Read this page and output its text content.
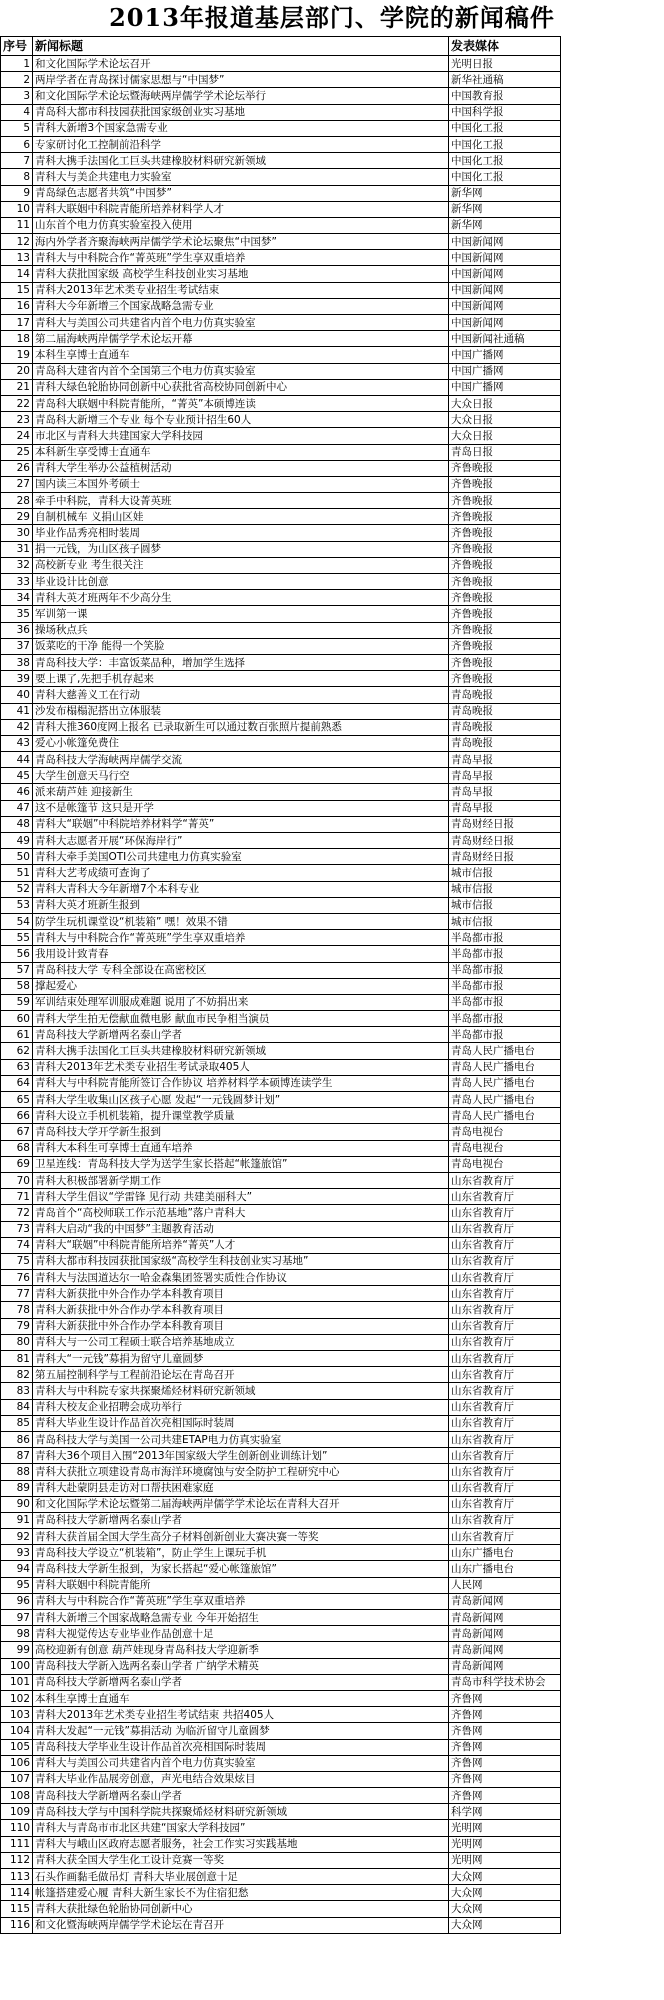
2013年报道基层部门、学院的新闻稿件
序号	新闻标题	发表媒体
1	和文化国际学术论坛召开	光明日报
2	两岸学者在青岛探讨儒家思想与“中国梦”	新华社通稿
3	和文化国际学术论坛暨海峡两岸儒学学术论坛举行	中国教育报
4	青岛科大都市科技园获批国家级创业实习基地	中国科学报
5	青科大新增3个国家急需专业	中国化工报
6	专家研讨化工控制前沿科学	中国化工报
7	青科大携手法国化工巨头共建橡胶材料研究新领域	中国化工报
8	青科大与美企共建电力实验室	中国化工报
9	青岛绿色志愿者共筑“中国梦”	新华网
10	青科大联姻中科院青能所培养材料学人才	新华网
11	山东首个电力仿真实验室投入使用	新华网
12	海内外学者齐聚海峡两岸儒学学术论坛聚焦“中国梦”	中国新闻网
13	青科大与中科院合作“菁英班”学生享双重培养	中国新闻网
14	青科大获批国家级 高校学生科技创业实习基地	中国新闻网
15	青科大2013年艺术类专业招生考试结束	中国新闻网
16	青科大今年新增三个国家战略急需专业	中国新闻网
17	青科大与美国公司共建省内首个电力仿真实验室	中国新闻网
18	第二届海峡两岸儒学学术论坛开幕	中国新闻社通稿
19	本科生享博士直通车	中国广播网
20	青岛科大建省内首个全国第三个电力仿真实验室	中国广播网
21	青科大绿色轮胎协同创新中心获批省高校协同创新中心	中国广播网
22	青岛科大联姻中科院青能所，“菁英”本硕博连读	大众日报
23	青岛科大新增三个专业 每个专业预计招生60人	大众日报
24	市北区与青科大共建国家大学科技园	大众日报
25	本科新生享受博士直通车	青岛日报
26	青科大学生举办公益植树活动	齐鲁晚报
27	国内读三本国外考硕士	齐鲁晚报
28	牵手中科院，青科大设菁英班	齐鲁晚报
29	自制机械车 义捐山区娃	齐鲁晚报
30	毕业作品秀亮相时装周	齐鲁晚报
31	捐一元钱，为山区孩子圆梦	齐鲁晚报
32	高校新专业 考生很关注	齐鲁晚报
33	毕业设计比创意	齐鲁晚报
34	青科大英才班两年不少高分生	齐鲁晚报
35	军训第一课	齐鲁晚报
36	操场秋点兵	齐鲁晚报
37	饭菜吃的干净 能得一个笑脸	齐鲁晚报
38	青岛科技大学：丰富饭菜品种，增加学生选择	齐鲁晚报
39	要上课了,先把手机存起来	齐鲁晚报
40	青科大慈善义工在行动	青岛晚报
41	沙发布榻榻泥搭出立体服装	青岛晚报
42	青科大推360度网上报名 已录取新生可以通过数百张照片提前熟悉	青岛晚报
43	爱心小帐篷免费住	青岛晚报
44	青岛科技大学海峡两岸儒学交流	青岛早报
45	大学生创意天马行空	青岛早报
46	派来葫芦娃 迎接新生	青岛早报
47	这不是帐篷节 这只是开学	青岛早报
48	青科大“联姻”中科院培养材料学“菁英”	青岛财经日报
49	青科大志愿者开展“环保海岸行”	青岛财经日报
50	青科大牵手美国OTI公司共建电力仿真实验室	青岛财经日报
51	青科大艺考成绩可查询了	城市信报
52	青科大青科大今年新增7个本科专业	城市信报
53	青科大英才班新生报到	城市信报
54	防学生玩机课堂设“机装箱” 嘿！效果不错	城市信报
55	青科大与中科院合作“菁英班”学生享双重培养	半岛都市报
56	我用设计致青春	半岛都市报
57	青岛科技大学 专科全部设在高密校区	半岛都市报
58	撑起爱心	半岛都市报
59	军训结束处理军训服成难题 说用了不妨捐出来	半岛都市报
60	青科大学生拍无偿献血微电影 献血市民争相当演员	半岛都市报
61	青岛科技大学新增两名泰山学者	半岛都市报
62	青科大携手法国化工巨头共建橡胶材料研究新领域	青岛人民广播电台
63	青科大2013年艺术类专业招生考试录取405人	青岛人民广播电台
64	青科大与中科院青能所签订合作协议 培养材料学本硕博连读学生	青岛人民广播电台
65	青科大学生收集山区孩子心愿 发起“一元钱圆梦计划”	青岛人民广播电台
66	青科大设立手机机装箱，提升课堂教学质量	青岛人民广播电台
67	青岛科技大学开学新生报到	青岛电视台
68	青科大本科生可享博士直通车培养	青岛电视台
69	卫星连线：青岛科技大学为送学生家长搭起“帐篷旅馆”	青岛电视台
70	青科大积极部署新学期工作	山东省教育厅
71	青科大学生倡议“学雷锋 见行动 共建美丽科大”	山东省教育厅
72	青岛首个“高校师联工作示范基地”落户青科大	山东省教育厅
73	青科大启动“我的中国梦”主题教育活动	山东省教育厅
74	青科大“联姻”中科院青能所培养“菁英”人才	山东省教育厅
75	青科大都市科技园获批国家级“高校学生科技创业实习基地”	山东省教育厅
76	青科大与法国道达尔一哈金森集团签署实质性合作协议	山东省教育厅
77	青科大新获批中外合作办学本科教育项目	山东省教育厅
78	青科大新获批中外合作办学本科教育项目	山东省教育厅
79	青科大新获批中外合作办学本科教育项目	山东省教育厅
80	青科大与一公司工程硕士联合培养基地成立	山东省教育厅
81	青科大“一元钱”募捐为留守儿童圆梦	山东省教育厅
82	第五届控制科学与工程前沿论坛在青岛召开	山东省教育厅
83	青科大与中科院专家共探聚烯烃材料研究新领域	山东省教育厅
84	青科大校友企业招聘会成功举行	山东省教育厅
85	青科大毕业生设计作品首次亮相国际时装周	山东省教育厅
86	青岛科技大学与美国一公司共建ETAP电力仿真实验室	山东省教育厅
87	青科大36个项目入围“2013年国家级大学生创新创业训练计划”	山东省教育厅
88	青科大获批立项建设青岛市海洋环境腐蚀与安全防护工程研究中心	山东省教育厅
89	青科大赴蒙阴县走访对口帮扶困难家庭	山东省教育厅
90	和文化国际学术论坛暨第二届海峡两岸儒学学术论坛在青科大召开	山东省教育厅
91	青岛科技大学新增两名泰山学者	山东省教育厅
92	青科大获首届全国大学生高分子材料创新创业大赛决赛一等奖	山东省教育厅
93	青岛科技大学设立“机装箱”，防止学生上课玩手机	山东广播电台
94	青岛科技大学新生报到，为家长搭起“爱心帐篷旅馆”	山东广播电台
95	青科大联姻中科院青能所	人民网
96	青科大与中科院合作“菁英班”学生享双重培养	青岛新闻网
97	青科大新增三个国家战略急需专业 今年开始招生	青岛新闻网
98	青科大视觉传达专业毕业作品创意十足	青岛新闻网
99	高校迎新有创意 葫芦娃现身青岛科技大学迎新季	青岛新闻网
100	青岛科技大学新入选两名泰山学者 广纳学术精英	青岛新闻网
101	青岛科技大学新增两名泰山学者	青岛市科学技术协会
102	本科生享博士直通车	齐鲁网
103	青科大2013年艺术类专业招生考试结束 共招405人	齐鲁网
104	青科大发起“一元钱”募捐活动 为临沂留守儿童圆梦	齐鲁网
105	青岛科技大学毕业生设计作品首次亮相国际时装周	齐鲁网
106	青科大与美国公司共建省内首个电力仿真实验室	齐鲁网
107	青科大毕业作品展旁创意，声光电结合效果炫目	齐鲁网
108	青岛科技大学新增两名泰山学者	齐鲁网
109	青岛科技大学与中国科学院共探聚烯烃材料研究新领域	科学网
110	青科大与青岛市市北区共建“国家大学科技园”	光明网
111	青科大与峨山区政府志愿者服务，社会工作实习实践基地	光明网
112	青科大获全国大学生化工设计竞赛一等奖	光明网
113	石头作画黏毛做吊灯 青科大毕业展创意十足	大众网
114	帐篷搭建爱心履 青科大新生家长不为住宿犯愁	大众网
115	青科大获批绿色轮胎协同创新中心	大众网
116	和文化暨海峡两岸儒学学术论坛在青召开	大众网
